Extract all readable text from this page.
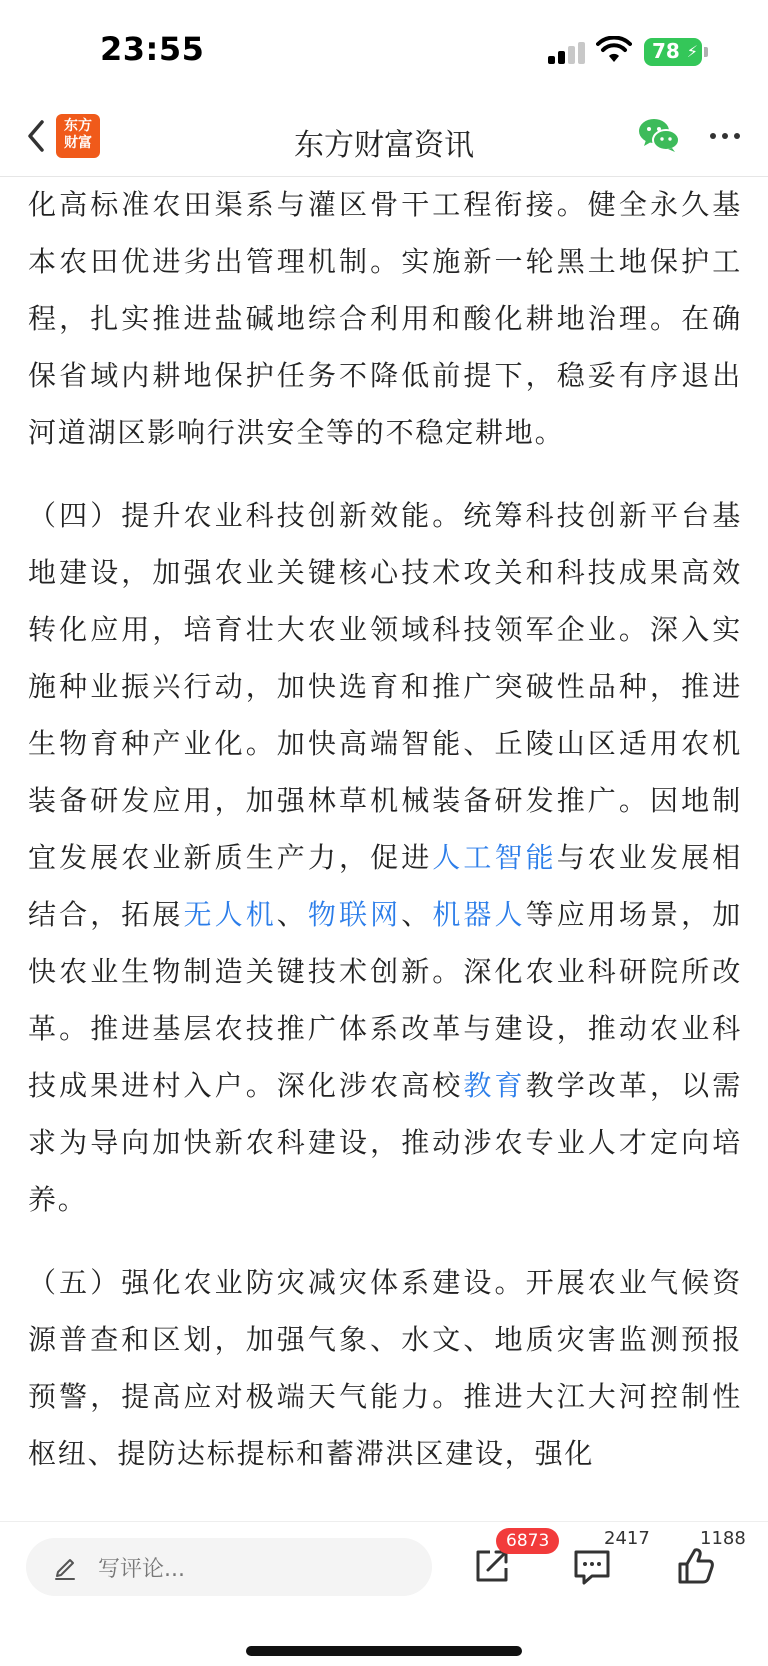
23:55	78 ⚡
东方财富资讯
东方
财富

化高标准农田渠系与灌区骨干工程衔接。健全永久基本农田优进劣出管理机制。实施新一轮黑土地保护工程，扎实推进盐碱地综合利用和酸化耕地治理。在确保省域内耕地保护任务不降低前提下，稳妥有序退出河道湖区影响行洪安全等的不稳定耕地。

（四）提升农业科技创新效能。统筹科技创新平台基地建设，加强农业关键核心技术攻关和科技成果高效转化应用，培育壮大农业领域科技领军企业。深入实施种业振兴行动，加快选育和推广突破性品种，推进生物育种产业化。加快高端智能、丘陵山区适用农机装备研发应用，加强林草机械装备研发推广。因地制宜发展农业新质生产力，促进人工智能与农业发展相结合，拓展无人机、物联网、机器人等应用场景，加快农业生物制造关键技术创新。深化农业科研院所改革。推进基层农技推广体系改革与建设，推动农业科技成果进村入户。深化涉农高校教育教学改革，以需求为导向加快新农科建设，推动涉农专业人才定向培养。

（五）强化农业防灾减灾体系建设。开展农业气候资源普查和区划，加强气象、水文、地质灾害监测预报预警，提高应对极端天气能力。推进大江大河控制性枢纽、提防达标提标和蓄滞洪区建设，强化

写评论...
6873	2417	1188
